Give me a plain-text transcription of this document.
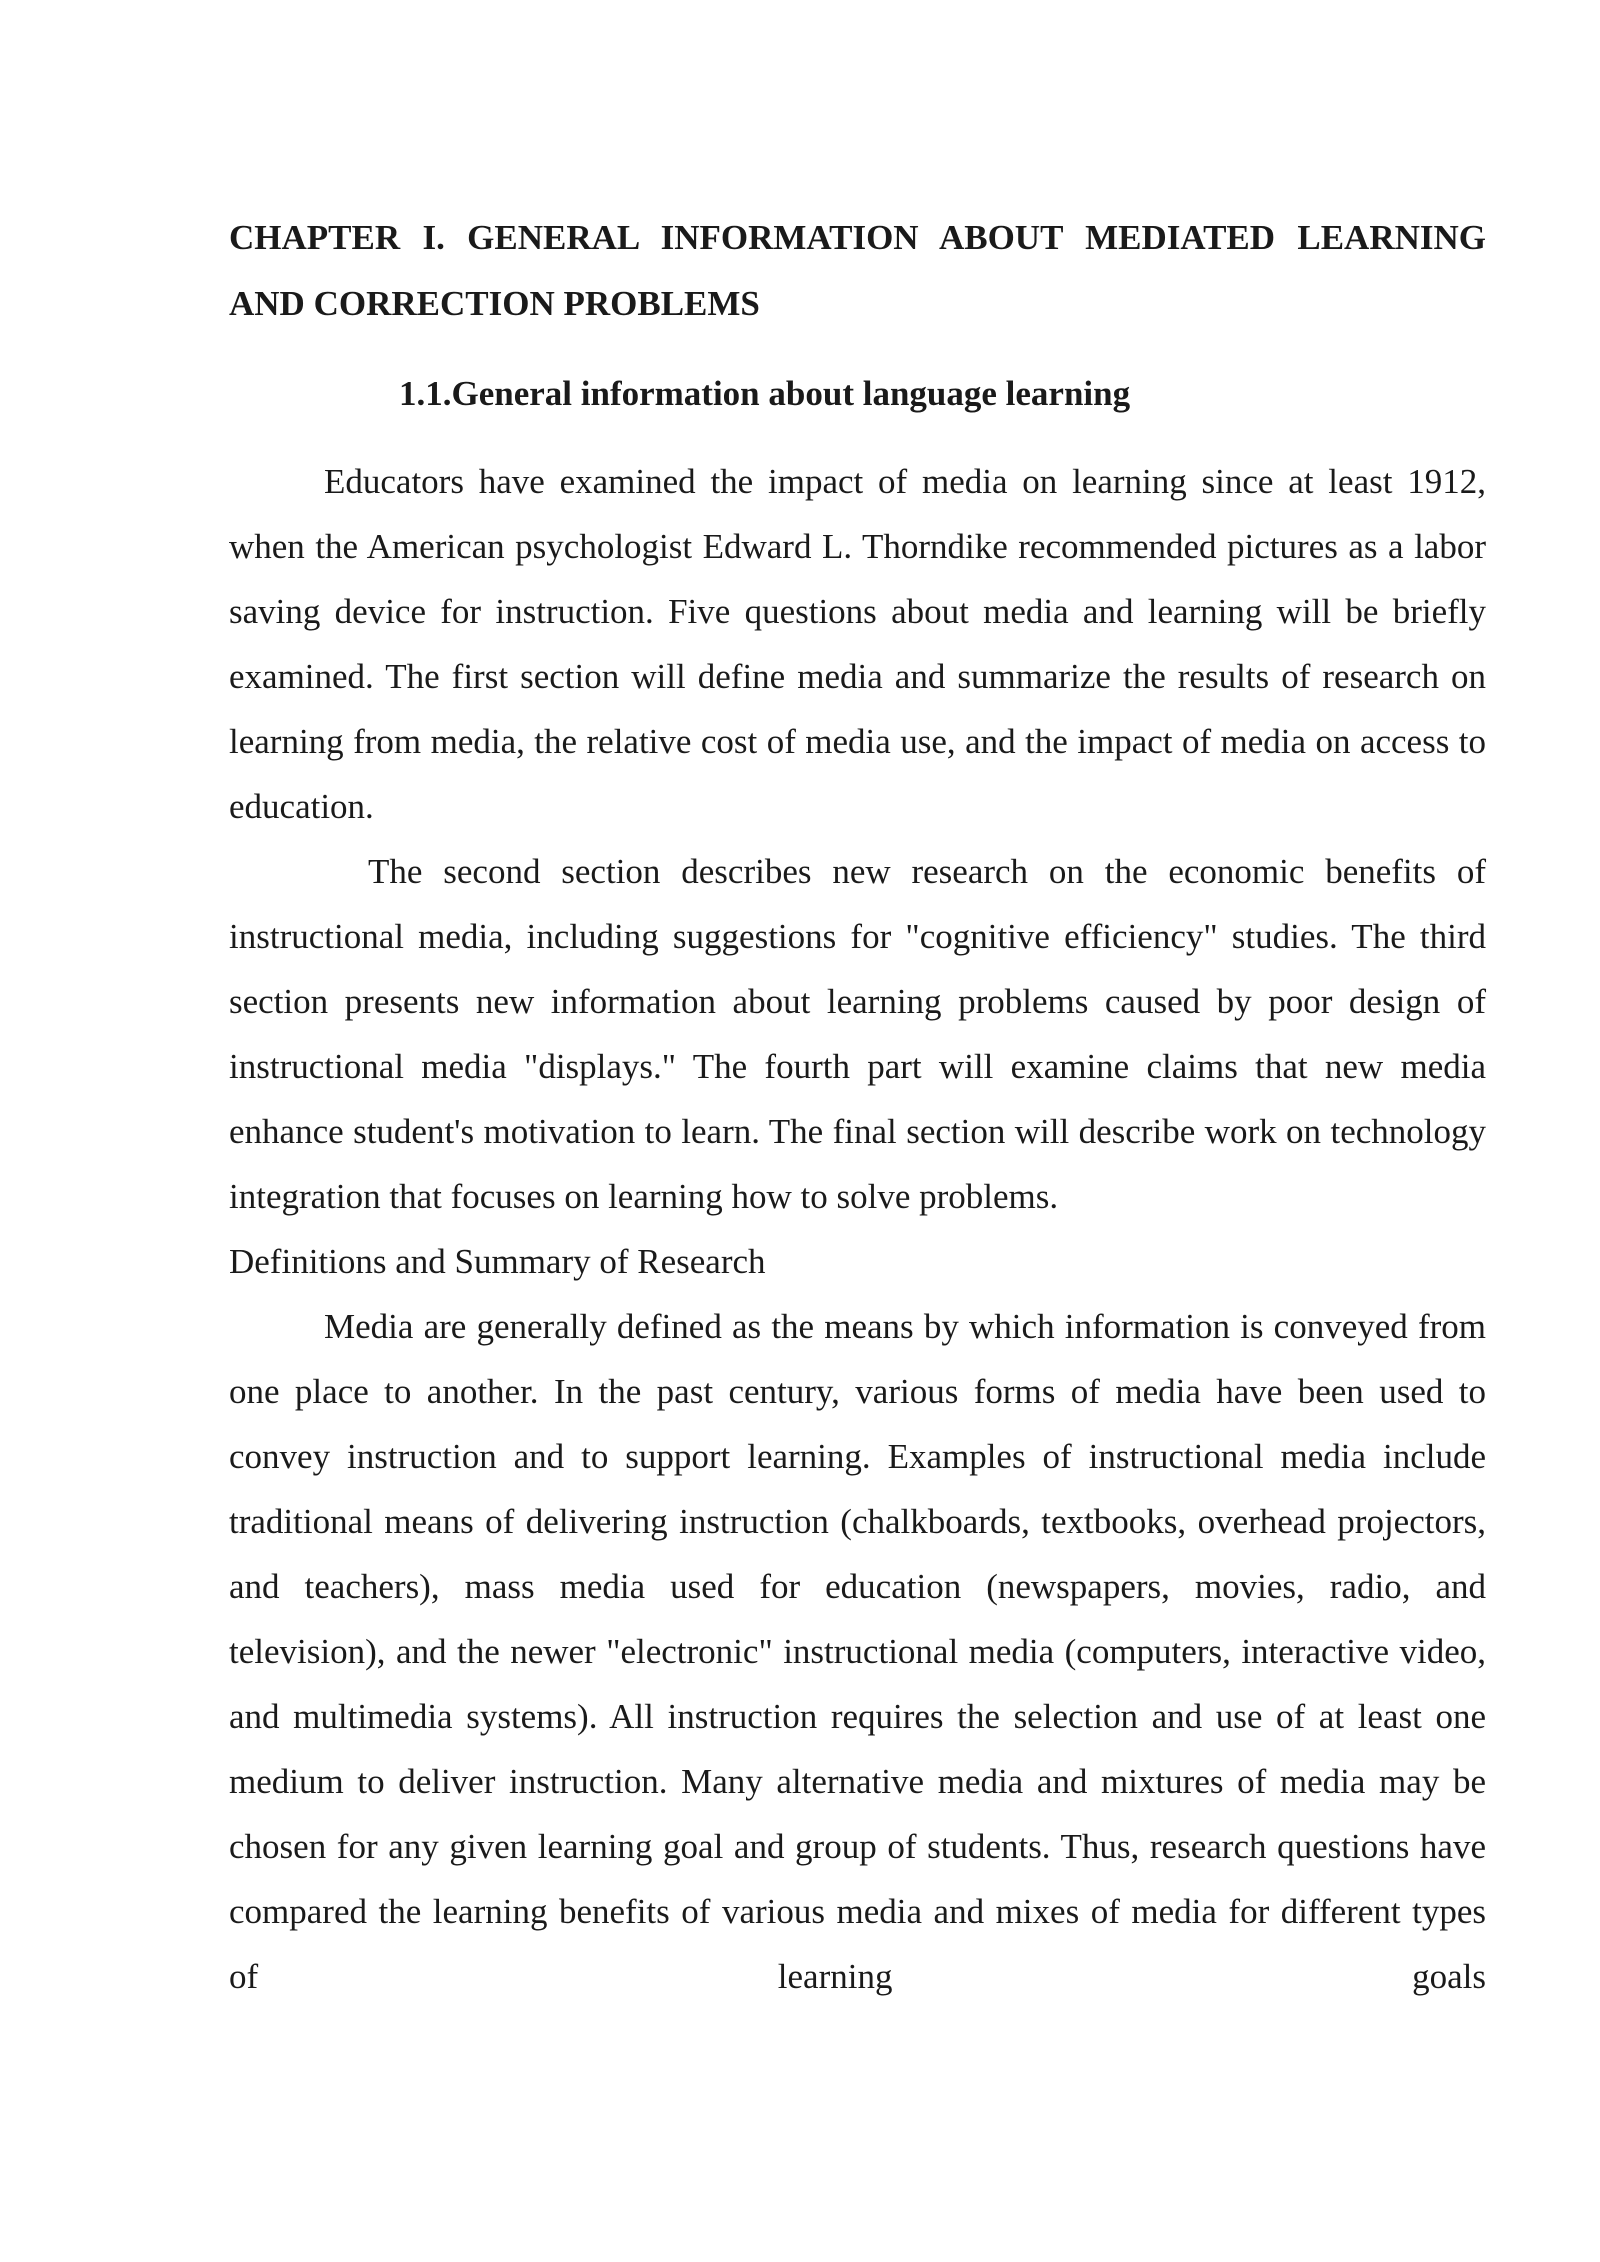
CHAPTER I. GENERAL INFORMATION ABOUT MEDIATED LEARNING AND CORRECTION PROBLEMS
1.1.General information about language learning

Educators have examined the impact of media on learning since at least 1912, when the American psychologist Edward L. Thorndike recommended pictures as a labor saving device for instruction. Five questions about media and learning will be briefly examined. The first section will define media and summarize the results of research on learning from media, the relative cost of media use, and the impact of media on access to education.

The second section describes new research on the economic benefits of instructional media, including suggestions for "cognitive efficiency" studies. The third section presents new information about learning problems caused by poor design of instructional media "displays." The fourth part will examine claims that new media enhance student's motivation to learn. The final section will describe work on technology integration that focuses on learning how to solve problems.

Definitions and Summary of Research

Media are generally defined as the means by which information is conveyed from one place to another. In the past century, various forms of media have been used to convey instruction and to support learning. Examples of instructional media include traditional means of delivering instruction (chalkboards, textbooks, overhead projectors, and teachers), mass media used for education (newspapers, movies, radio, and television), and the newer "electronic" instructional media (computers, interactive video, and multimedia systems). All instruction requires the selection and use of at least one medium to deliver instruction. Many alternative media and mixtures of media may be chosen for any given learning goal and group of students. Thus, research questions have compared the learning benefits of various media and mixes of media for different types of learning goals
